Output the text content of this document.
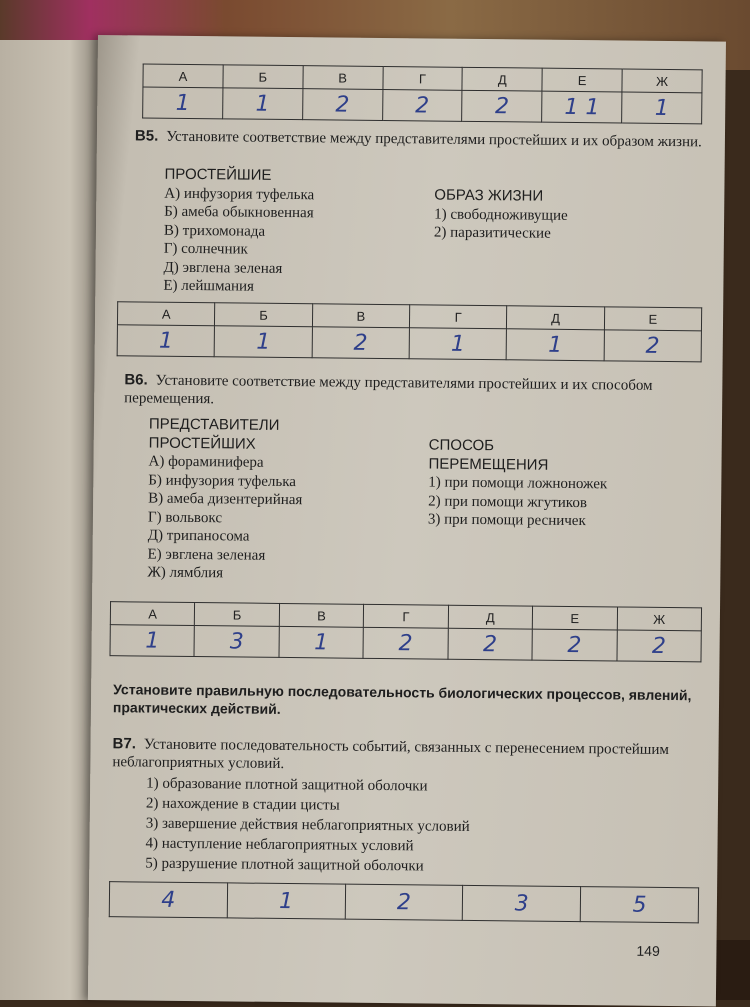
А	Б	В	Г	Д	Е	Ж
1	1	2	2	2	1 1	1
В5. Установите соответствие между представителями простейших и их образом жизни.
ПРОСТЕЙШИЕ
А) инфузория туфелька
Б) амеба обыкновенная
В) трихомонада
Г) солнечник
Д) эвглена зеленая
Е) лейшмания
ОБРАЗ ЖИЗНИ
1) свободноживущие
2) паразитические
А	Б	В	Г	Д	Е
1	1	2	1	1	2
В6. Установите соответствие между представителями простейших и их способом перемещения.
ПРЕДСТАВИТЕЛИ
ПРОСТЕЙШИХ
А) фораминифера
Б) инфузория туфелька
В) амеба дизентерийная
Г) вольвокс
Д) трипаносома
Е) эвглена зеленая
Ж) лямблия
СПОСОБ
ПЕРЕМЕЩЕНИЯ
1) при помощи ложноножек
2) при помощи жгутиков
3) при помощи ресничек
А	Б	В	Г	Д	Е	Ж
1	3	1	2	2	2	2
Установите правильную последовательность биологических процессов, явлений, практических действий.
В7. Установите последовательность событий, связанных с перенесением простейшим неблагоприятных условий.
1) образование плотной защитной оболочки
2) нахождение в стадии цисты
3) завершение действия неблагоприятных условий
4) наступление неблагоприятных условий
5) разрушение плотной защитной оболочки
4	1	2	3	5
149
